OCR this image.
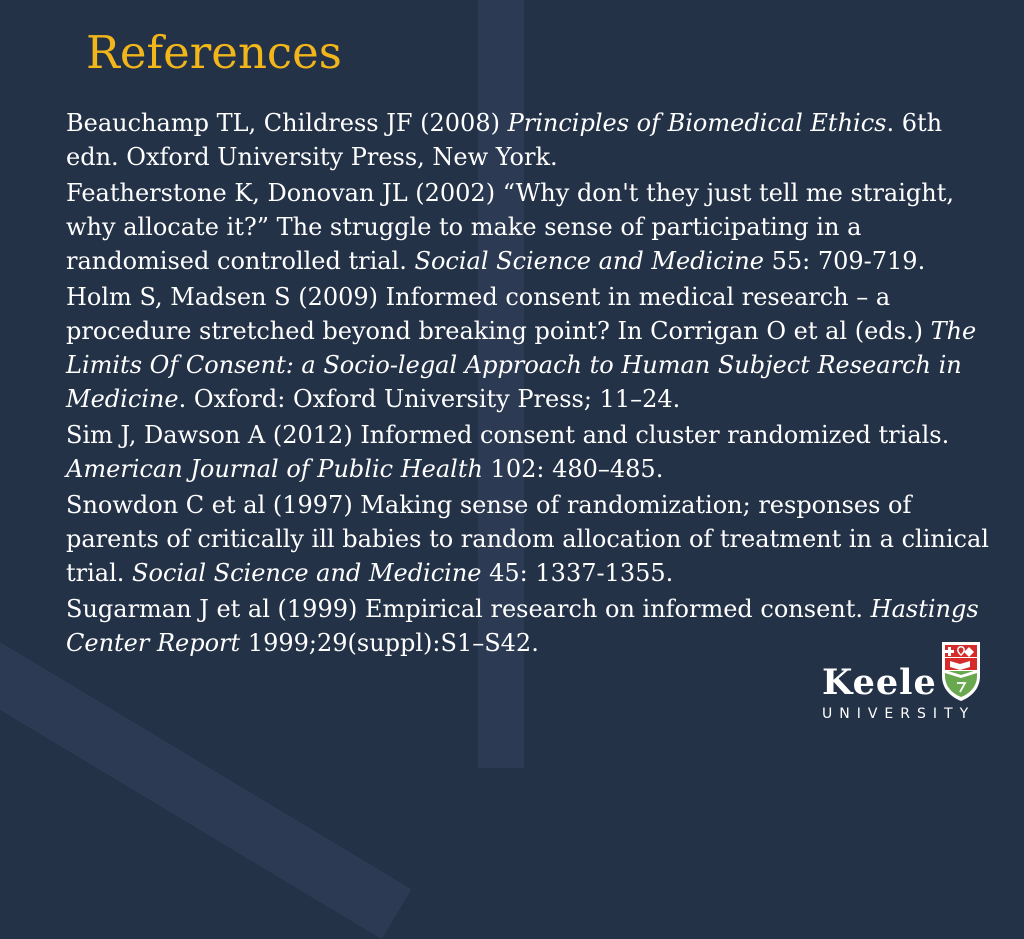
References
Beauchamp TL, Childress JF (2008) Principles of Biomedical Ethics. 6th edn. Oxford University Press, New York.
Featherstone K, Donovan JL (2002) “Why don't they just tell me straight, why allocate it?” The struggle to make sense of participating in a randomised controlled trial. Social Science and Medicine 55: 709-719.
Holm S, Madsen S (2009) Informed consent in medical research – a procedure stretched beyond breaking point? In Corrigan O et al (eds.) The Limits Of Consent: a Socio-legal Approach to Human Subject Research in Medicine. Oxford: Oxford University Press; 11–24.
Sim J, Dawson A (2012) Informed consent and cluster randomized trials. American Journal of Public Health 102: 480–485.
Snowdon C et al (1997) Making sense of randomization; responses of parents of critically ill babies to random allocation of treatment in a clinical trial. Social Science and Medicine 45: 1337-1355.
Sugarman J et al (1999) Empirical research on informed consent. Hastings Center Report 1999;29(suppl):S1–S42.
Keele
UNIVERSITY
